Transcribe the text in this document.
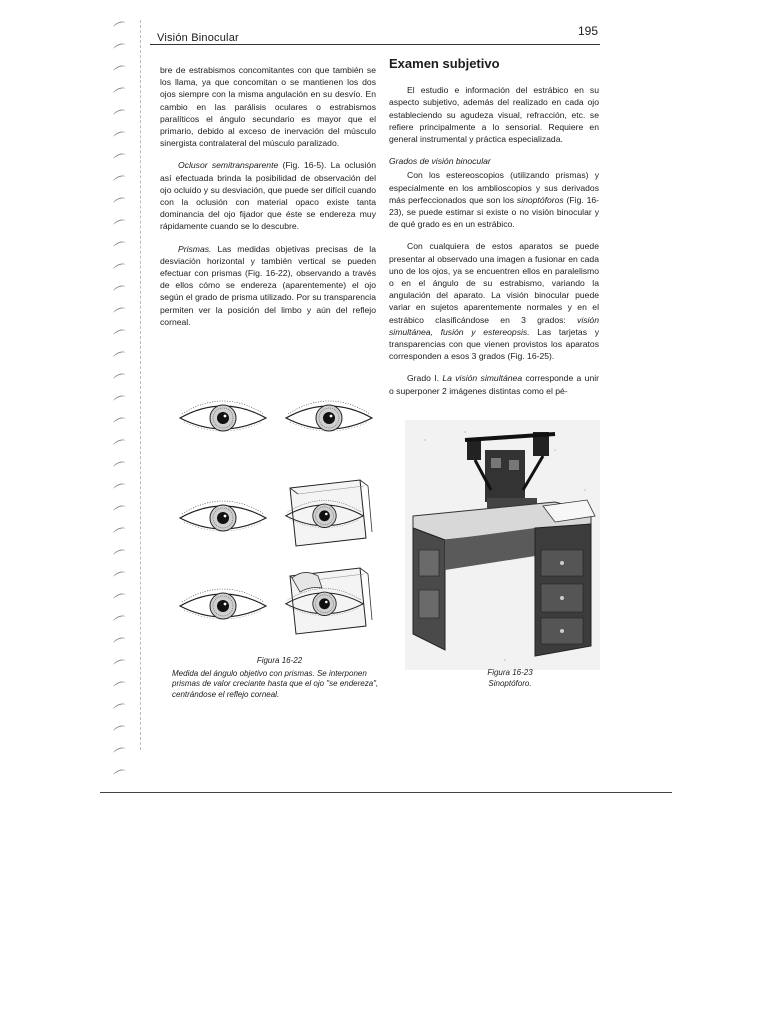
⌒
⌒
⌒
⌒
⌒
⌒
⌒
⌒
⌒
⌒
⌒
⌒
⌒
⌒
⌒
⌒
⌒
⌒
⌒
⌒
⌒
⌒
⌒
⌒
⌒
⌒
⌒
⌒
⌒
⌒
⌒
⌒
⌒
⌒
⌒
Visión Binocular	195

bre de estrabismos concomitantes con que también se los llama, ya que concomitan o se mantienen los dos ojos siempre con la misma angulación en su desvío. En cambio en las parálisis oculares o estrabismos paralíticos el ángulo secundario es mayor que el primario, debido al exceso de inervación del músculo sinergista contralateral del músculo paralizado.

Oclusor semitransparente (Fig. 16-5). La oclusión así efectuada brinda la posibilidad de observación del ojo ocluido y su desviación, que puede ser difícil cuando con la oclusión con material opaco existe tanta dominancia del ojo fijador que éste se endereza muy rápidamente cuando se lo descubre.

Prismas. Las medidas objetivas precisas de la desviación horizontal y también vertical se pueden efectuar con prismas (Fig. 16-22), observando a través de ellos cómo se endereza (aparentemente) el ojo según el grado de prisma utilizado. Por su transparencia permiten ver la posición del limbo y aún del reflejo corneal.

Figura 16-22
Medida del ángulo objetivo con prismas. Se interponen prismas de valor creciante hasta que el ojo "se endereza", centrándose el reflejo corneal.
Examen subjetivo

El estudio e información del estrábico en su aspecto subjetivo, además del realizado en cada ojo estableciendo su agudeza visual, refracción, etc. se refiere principalmente a lo sensorial. Requiere en general instrumental y práctica especializada.

Grados de visión binocular

Con los estereoscopios (utilizando prismas) y especialmente en los amblioscopios y sus derivados más perfeccionados que son los sinoptóforos (Fig. 16-23), se puede estimar si existe o no visión binocular y de qué grado es en un estrábico.

Con cualquiera de estos aparatos se puede presentar al observado una imagen a fusionar en cada uno de los ojos, ya se encuentren ellos en paralelismo o en el ángulo de su estrabismo, variando la angulación del aparato. La visión binocular puede variar en sujetos aparentemente normales y en el estrábico clasificándose en 3 grados: visión simultánea, fusión y estereopsis. Las tarjetas y transparencias con que vienen provistos los aparatos corresponden a esos 3 grados (Fig. 16-25).

Grado I. La visión simultánea corresponde a unir o superponer 2 imágenes distintas como el pé-

Figura 16-23
Sinoptóforo.
